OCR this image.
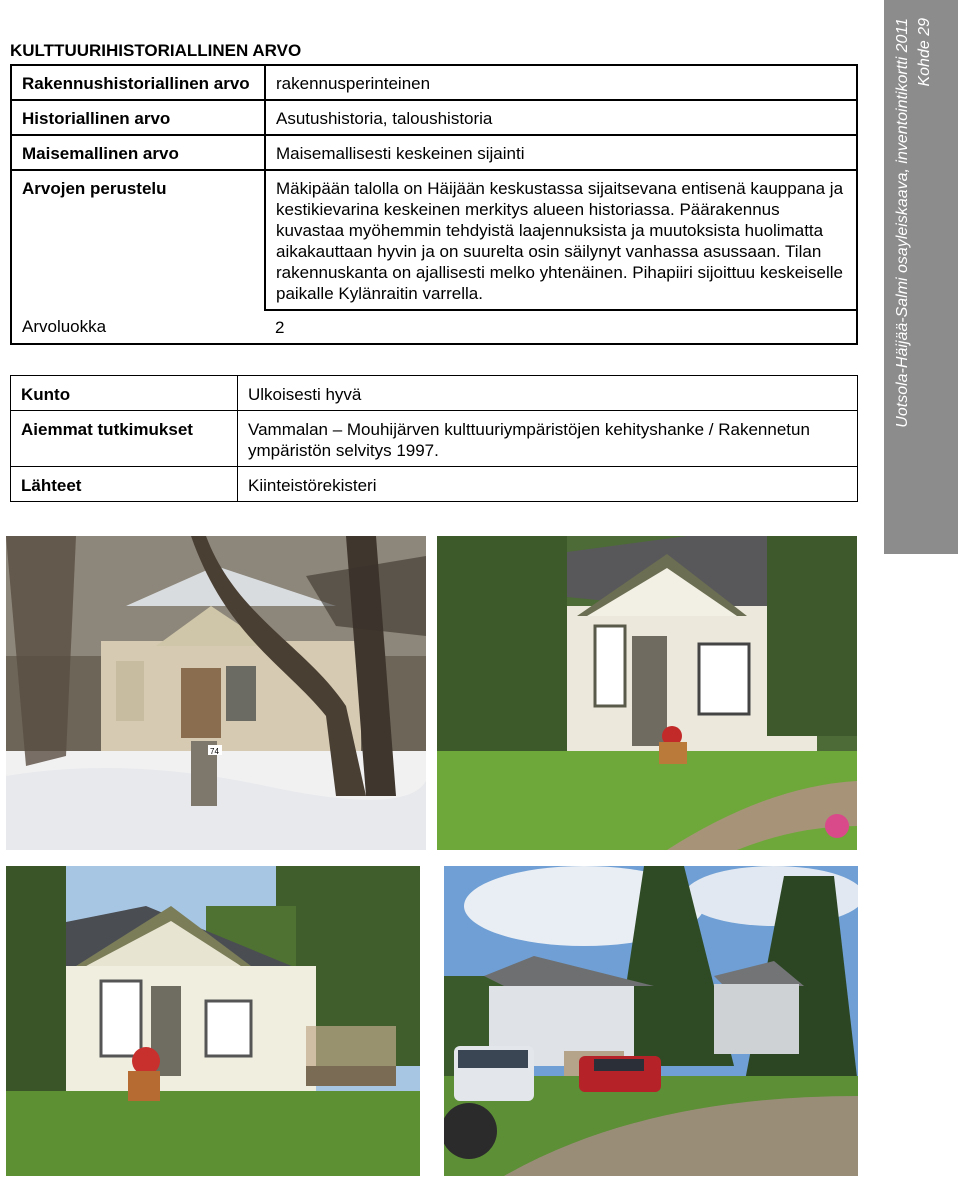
KULTTUURIHISTORIALLINEN ARVO
Rakennushistoriallinen arvo	rakennusperinteinen
Historiallinen arvo	Asutushistoria, taloushistoria
Maisemallinen arvo	Maisemallisesti keskeinen sijainti
Arvojen perustelu	Mäkipään talolla on Häijään keskustassa sijaitsevana entisenä kauppana ja kestikievarina keskeinen merkitys alueen historiassa. Päärakennus kuvastaa myöhemmin tehdyistä laajennuksista ja muutoksista huolimatta aikakauttaan hyvin ja on suurelta osin säilynyt vanhassa asussaan. Tilan rakennuskanta on ajallisesti melko yhtenäinen. Pihapiiri sijoittuu keskeiselle paikalle Kylänraitin varrella.
Arvoluokka	2
Kunto	Ulkoisesti hyvä
Aiemmat tutkimukset	Vammalan – Mouhijärven kulttuuriympäristöjen kehityshanke / Rakennetun ympäristön selvitys 1997.
Lähteet	Kiinteistörekisteri
Uotsola-Häijää-Salmi osayleiskaava, inventointikortti 2011 Kohde 29
74
